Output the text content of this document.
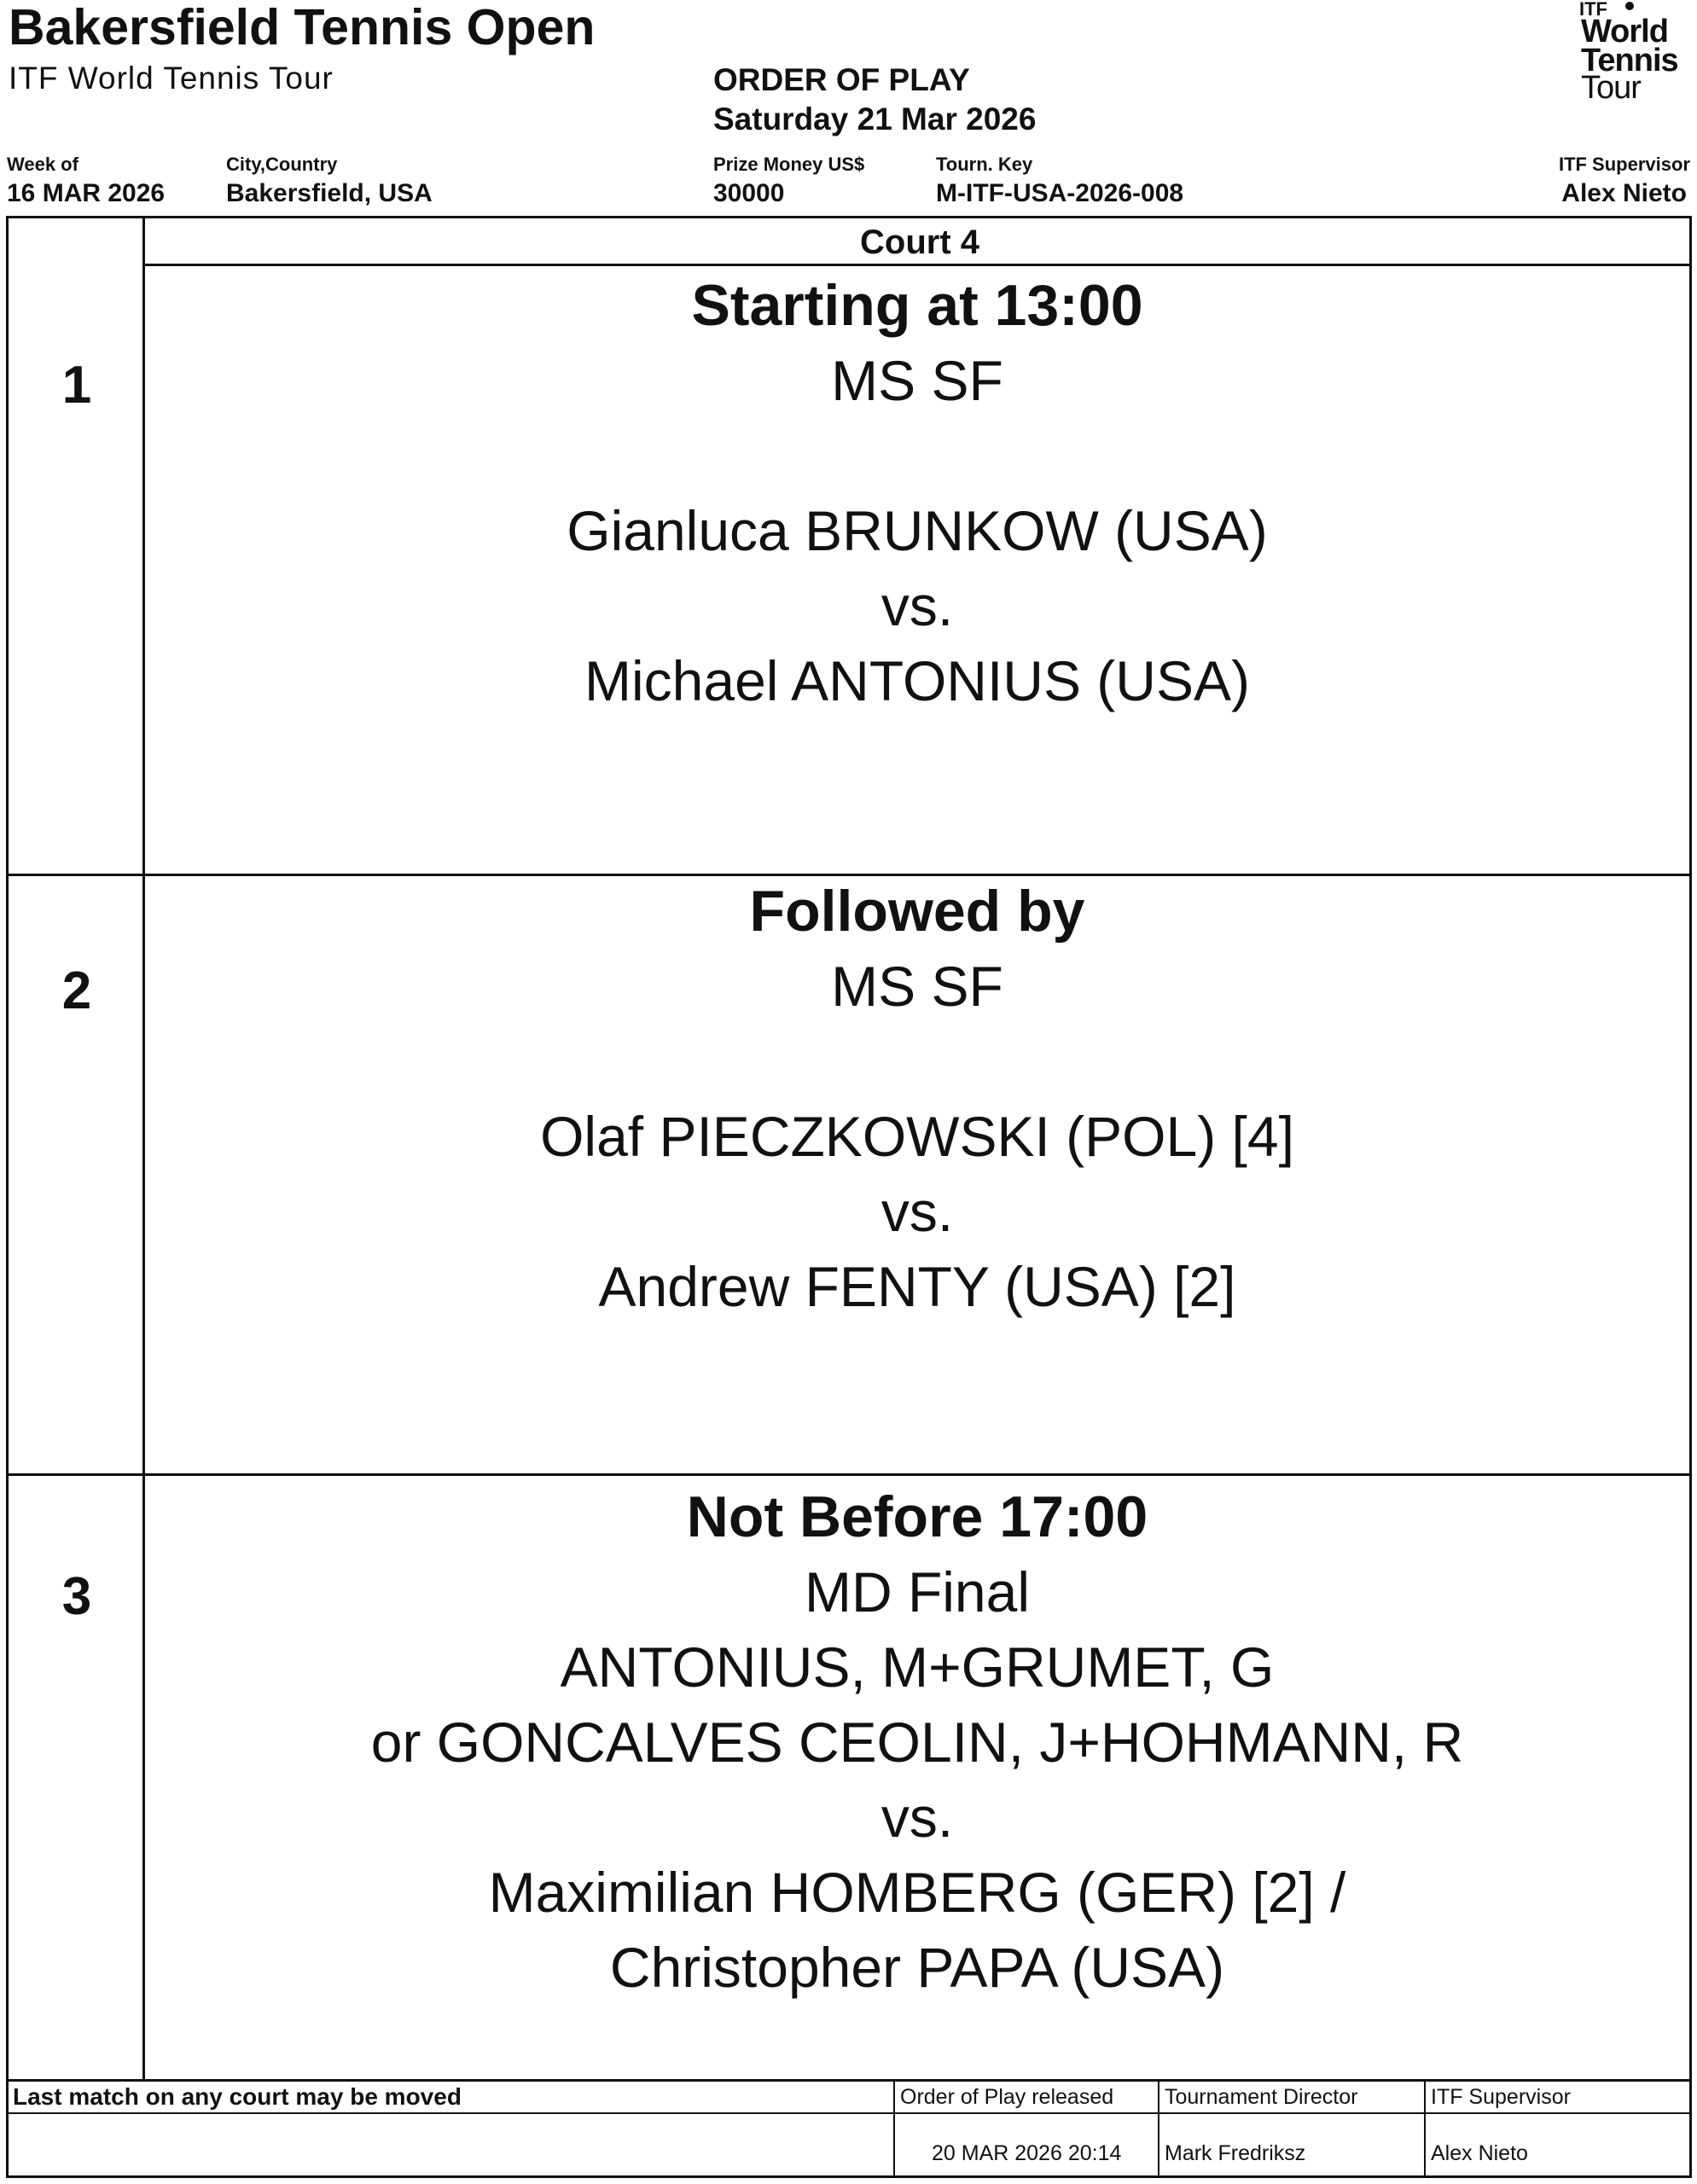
Bakersfield Tennis Open
ITF World Tennis Tour	ORDER OF PLAY
Saturday 21 Mar 2026
Week of
16 MAR 2026
City,Country
Bakersfield, USA
Prize Money US$
30000
Tourn. Key
M-ITF-USA-2026-008
ITF Supervisor
Alex Nieto
ITF
World
Tennis
Tour
Court 4
1
Starting at 13:00
MS SF
Gianluca BRUNKOW (USA)
vs.
Michael ANTONIUS (USA)
2
Followed by
MS SF
Olaf PIECZKOWSKI (POL) [4]
vs.
Andrew FENTY (USA) [2]
3
Not Before 17:00
MD Final
ANTONIUS, M+GRUMET, G
or GONCALVES CEOLIN, J+HOHMANN, R
vs.
Maximilian HOMBERG (GER) [2] /
Christopher PAPA (USA)
Last match on any court may be moved	Order of Play released
20 MAR 2026 20:14
Tournament Director
Mark Fredriksz
ITF Supervisor
Alex Nieto
